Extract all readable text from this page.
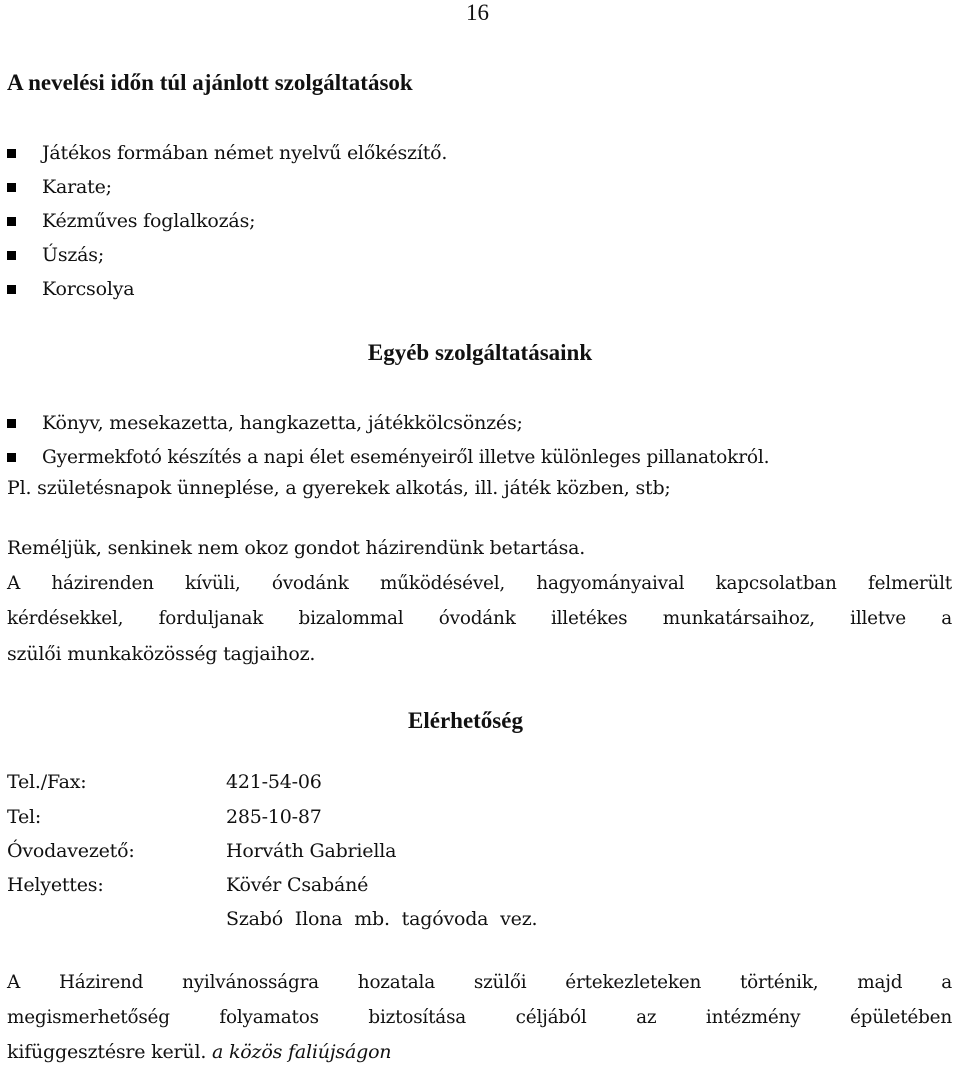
16
A nevelési időn túl ajánlott szolgáltatások
Játékos formában német nyelvű előkészítő.
Karate;
Kézműves foglalkozás;
Úszás;
Korcsolya
Egyéb szolgáltatásaink
Könyv, mesekazetta, hangkazetta, játékkölcsönzés;
Gyermekfotó készítés a napi élet eseményeiről illetve különleges pillanatokról.
Pl. születésnapok ünneplése, a gyerekek alkotás, ill. játék közben, stb;
Reméljük, senkinek nem okoz gondot házirendünk betartása.
A házirenden kívüli, óvodánk működésével, hagyományaival kapcsolatban felmerült
kérdésekkel, forduljanak bizalommal óvodánk illetékes munkatársaihoz, illetve a
szülői munkaközösség tagjaihoz.
Elérhetőség
Tel./Fax:	421-54-06
Tel:	285-10-87
Óvodavezető:	Horváth Gabriella
Helyettes:	Kövér Csabáné
Szabó Ilona mb. tagóvoda vez.
A Házirend nyilvánosságra hozatala szülői értekezleteken történik, majd a
megismerhetőség folyamatos biztosítása céljából az intézmény épületében
kifüggesztésre kerül. a közös faliújságon
